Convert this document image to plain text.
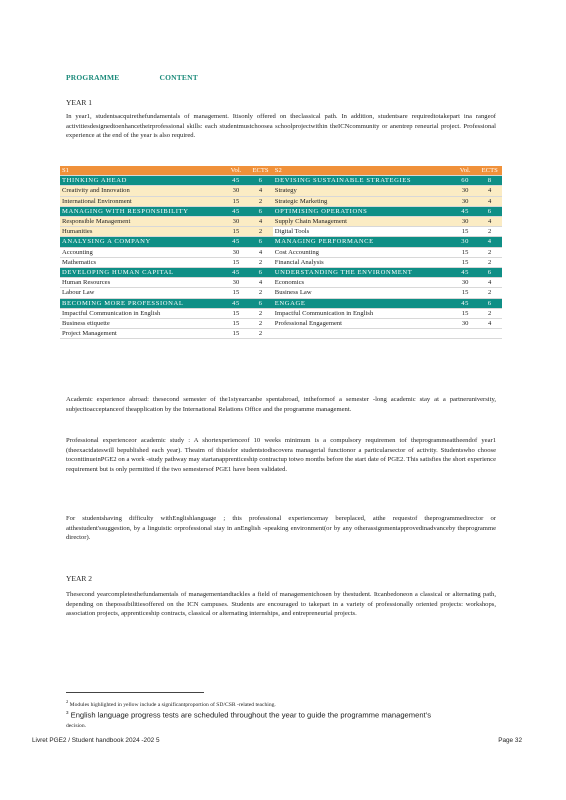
PROGRAMME	CONTENT
YEAR 1
In year1, studentsacquirethefundamentals of management. Itisonly offered on theclassical path. In addition, studentsare requiredtotakepart ina rangeof activitiesdesignedtoenhancetheirprofessional skills: each studentmustchoosea schoolprojectwithin theICNcommunity or anentrep reneurial project. Professional experience at the end of the year is also required.
S1	Vol.	ECTS	S2	Vol.	ECTS
THINKING AHEAD	45	6	DEVISING SUSTAINABLE STRATEGIES	60	8
Creativity and Innovation	30	4	Strategy	30	4
International Environment	15	2	Strategic Marketing	30	4
MANAGING WITH RESPONSIBILITY	45	6	OPTIMISING OPERATIONS	45	6
Responsible Management	30	4	Supply Chain Management	30	4
Humanities	15	2	Digital Tools	15	2
ANALYSING A COMPANY	45	6	MANAGING PERFORMANCE	30	4
Accounting	30	4	Cost Accounting	15	2
Mathematics	15	2	Financial Analysis	15	2
DEVELOPING HUMAN CAPITAL	45	6	UNDERSTANDING THE ENVIRONMENT	45	6
Human Resources	30	4	Economics	30	4
Labour Law	15	2	Business Law	15	2
BECOMING MORE PROFESSIONAL	45	6	ENGAGE	45	6
Impactful Communication in English	15	2	Impactful Communication in English	15	2
Business etiquette	15	2	Professional Engagement	30	4
Project Management	15	2			
Academic experience abroad: thesecond semester of the1styearcanbe spentabroad, intheformof a semester -long academic stay at a partneruniversity, subjecttoacceptanceof theapplication by the International Relations Office and the programme management.
Professional experienceor academic study : A shortexperienceof 10 weeks minimum is a compulsory requiremen tof theprogrammeattheendof year1 (theexactdateswill bepublished each year). Theaim of thisisfor studentstodiscovera managerial functionor a particularsector of activity. Studentswho choose toconttinueinPGE2 on a work -study pathway may startanapprenticeship contractup totwo months before the start date of PGE2. This satisfies the short experience requirement but is only permitted if the two semestersof PGE1 have been validated.
For studentshaving difficulty withEnglishlanguage ; this professional experiencemay bereplaced, atthe requestof theprogrammedirector or atthestudent'ssuggestion, by a linguistic orprofessional stay in anEnglish -speaking environment(or by any otherassignmentapprovedinadvanceby theprogramme director).
YEAR 2
Thesecond yearcompletesthefundamentals of managementandtackles a field of managementchosen by thestudent. Itcanbedoneon a classical or alternating path, depending on thepossibilitiesoffered on the ICN campuses. Students are encouraged to takepart in a variety of professionally oriented projects: workshops, association projects, apprenticeship contracts, classical or alternating internships, and entrepreneurial projects.
$^2$ Modules highlighted in yellow include a significantproportion of SD/CSR -related teaching.
$^3$ English language progress tests are scheduled throughout the year to guide the programme management’s
decision.
Livret PGE2 / Student handbook 2024 -202 5	Page 32
